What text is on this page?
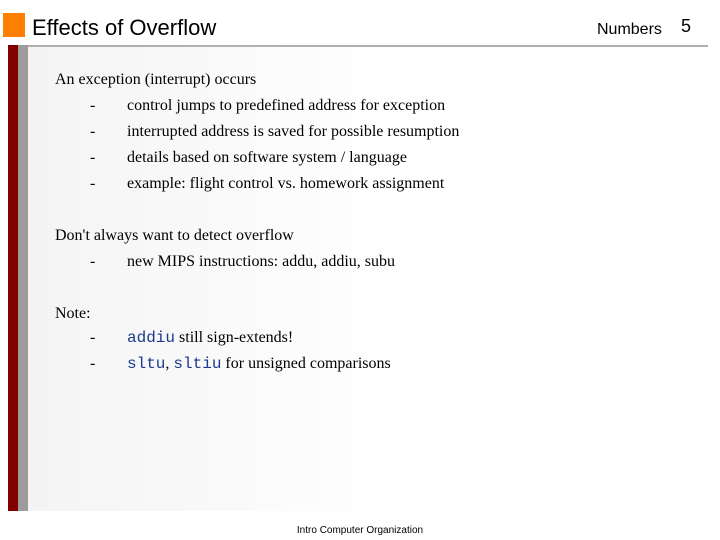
Effects of Overflow	Numbers 5
An exception (interrupt) occurs
- control jumps to predefined address for exception
- interrupted address is saved for possible resumption
- details based on software system / language
- example: flight control vs. homework assignment
Don't always want to detect overflow
- new MIPS instructions: addu, addiu, subu
Note:
- addiu still sign-extends!
- sltu, sltiu for unsigned comparisons
Intro Computer Organization
